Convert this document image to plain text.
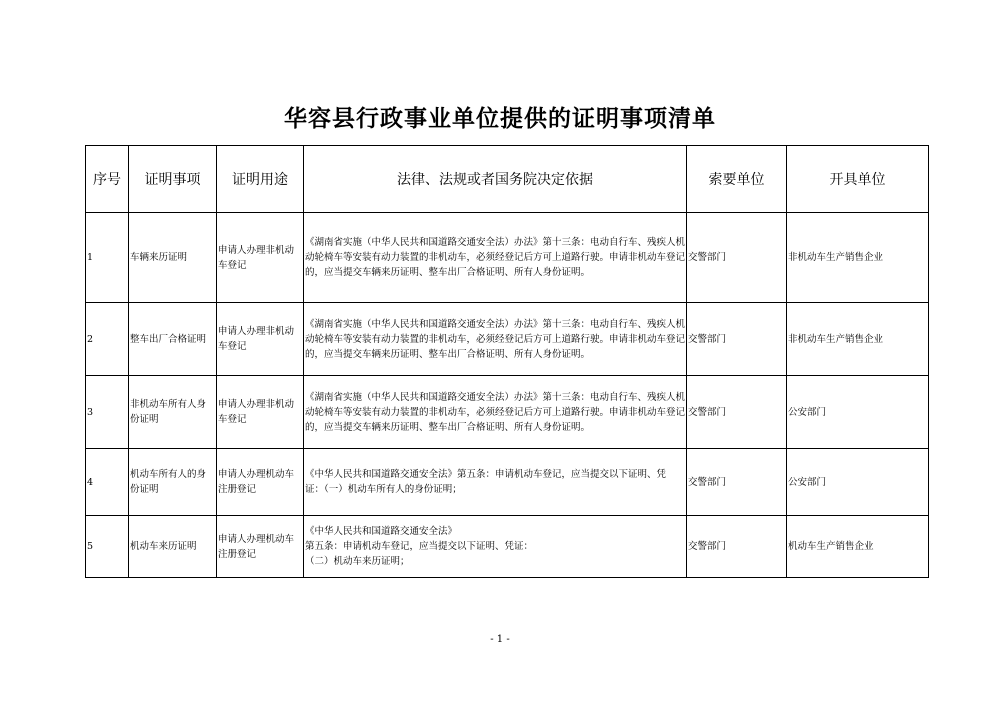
华容县行政事业单位提供的证明事项清单
序号	证明事项	证明用途	法律、法规或者国务院决定依据	索要单位	开具单位
1	车辆来历证明	申请人办理非机动车登记	《湖南省实施（中华人民共和国道路交通安全法）办法》第十三条：电动自行车、残疾人机动轮椅车等安装有动力装置的非机动车，必须经登记后方可上道路行驶。申请非机动车登记的，应当提交车辆来历证明、整车出厂合格证明、所有人身份证明。	交警部门	非机动车生产销售企业
2	整车出厂合格证明	申请人办理非机动车登记	《湖南省实施（中华人民共和国道路交通安全法）办法》第十三条：电动自行车、残疾人机动轮椅车等安装有动力装置的非机动车，必须经登记后方可上道路行驶。申请非机动车登记的，应当提交车辆来历证明、整车出厂合格证明、所有人身份证明。	交警部门	非机动车生产销售企业
3	非机动车所有人身份证明	申请人办理非机动车登记	《湖南省实施（中华人民共和国道路交通安全法）办法》第十三条：电动自行车、残疾人机动轮椅车等安装有动力装置的非机动车，必须经登记后方可上道路行驶。申请非机动车登记的，应当提交车辆来历证明、整车出厂合格证明、所有人身份证明。	交警部门	公安部门
4	机动车所有人的身份证明	申请人办理机动车注册登记	《中华人民共和国道路交通安全法》第五条：申请机动车登记，应当提交以下证明、凭证：（一）机动车所有人的身份证明；	交警部门	公安部门
5	机动车来历证明	申请人办理机动车注册登记	《中华人民共和国道路交通安全法》
第五条：申请机动车登记，应当提交以下证明、凭证：
（二）机动车来历证明；	交警部门	机动车生产销售企业
- 1 -
